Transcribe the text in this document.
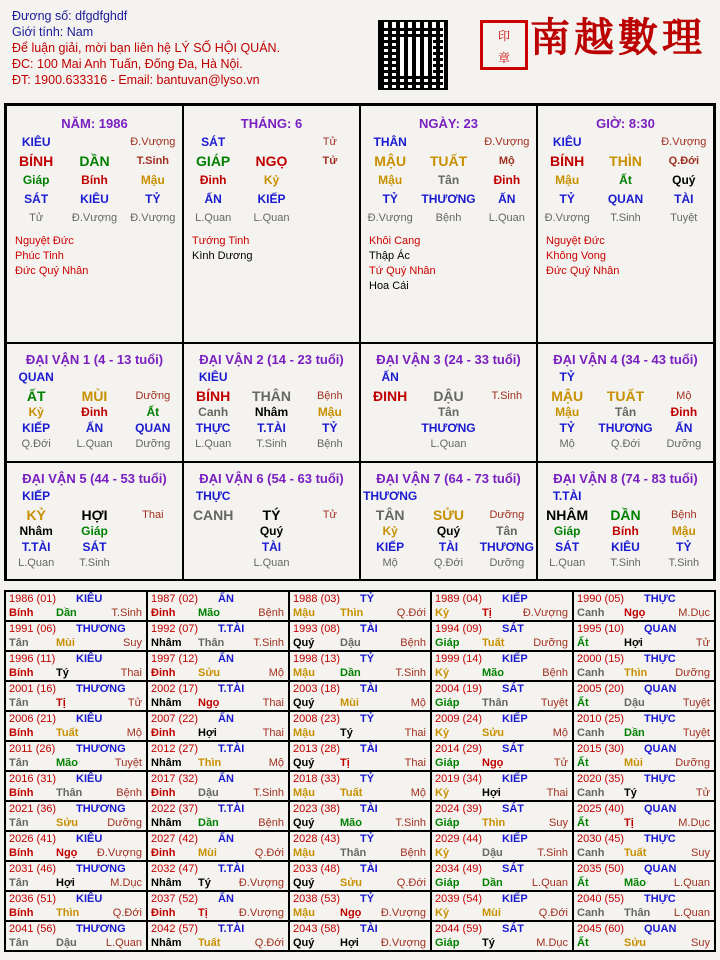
Đương số: dfgdfghdf
Giới tính: Nam
Để luận giải, mời bạn liên hệ LÝ SỐ HỘI QUÁN.
ĐC: 100 Mai Anh Tuấn, Đống Đa, Hà Nội.
ĐT: 1900.633316 - Email: bantuvan@lyso.vn
印
章 南越數理
NĂM: 1986
KIÊU	Đ.Vượng
BÍNH	DẦN	T.Sinh
Giáp	Bính	Mậu
SÁT	KIÊU	TỶ
Tử	Đ.Vượng	Đ.Vượng
Nguyệt Đức
Phúc Tinh
Đức Quý Nhân
THÁNG: 6
SÁT	Tử
GIÁP	NGỌ	Tử
Đinh	Kỷ
ẤN	KIẾP
L.Quan	L.Quan
Tướng Tinh
Kình Dương
NGÀY: 23
THÂN	Đ.Vượng
MẬU	TUẤT	Mộ
Mậu	Tân	Đinh
TỶ	THƯƠNG	ẤN
Đ.Vượng	Bệnh	L.Quan
Khôi Cang
Thập Ác
Tứ Quý Nhân
Hoa Cái
GIỜ: 8:30
KIÊU	Đ.Vượng
BÍNH	THÌN	Q.Đới
Mậu	Ất	Quý
TỶ	QUAN	TÀI
Đ.Vượng	T.Sinh	Tuyệt
Nguyệt Đức
Không Vong
Đức Quý Nhân
ĐẠI VẬN 1 (4 - 13 tuổi)
QUAN
ẤT	MÙI	Dưỡng
Kỷ	Đinh	Ất
KIẾP	ẤN	QUAN
Q.Đới	L.Quan	Dưỡng
ĐẠI VẬN 2 (14 - 23 tuổi)
KIÊU
BÍNH	THÂN	Bệnh
Canh	Nhâm	Mậu
THỰC	T.TÀI	TỶ
L.Quan	T.Sinh	Bệnh
ĐẠI VẬN 3 (24 - 33 tuổi)
ẤN
ĐINH	DẬU	T.Sinh
Tân
THƯƠNG
L.Quan
ĐẠI VẬN 4 (34 - 43 tuổi)
TỶ
MẬU	TUẤT	Mộ
Mậu	Tân	Đinh
TỶ	THƯƠNG	ẤN
Mộ	Q.Đới	Dưỡng
ĐẠI VẬN 5 (44 - 53 tuổi)
KIẾP
KỶ	HỢI	Thai
Nhâm	Giáp
T.TÀI	SÁT
L.Quan	T.Sinh
ĐẠI VẬN 6 (54 - 63 tuổi)
THỰC
CANH	TÝ	Tử
Quý
TÀI
L.Quan
ĐẠI VẬN 7 (64 - 73 tuổi)
THƯƠNG
TÂN	SỬU	Dưỡng
Kỷ	Quý	Tân
KIẾP	TÀI	THƯƠNG
Mộ	Q.Đới	Dưỡng
ĐẠI VẬN 8 (74 - 83 tuổi)
T.TÀI
NHÂM	DẦN	Bệnh
Giáp	Bính	Mậu
SÁT	KIÊU	TỶ
L.Quan	T.Sinh	T.Sinh
1986 (01) KIÊU
Bính Dần	T.Sinh
1987 (02) ẤN
Đinh Mão	Bệnh
1988 (03) TỶ
Mậu Thìn	Q.Đới
1989 (04) KIẾP
Kỷ	Tị	Đ.Vượng
1990 (05) THỰC
Canh Ngọ	M.Dục
1991 (06) THƯƠNG
Tân Mùi	Suy
1992 (07) T.TÀI
Nhâm Thân	T.Sinh
1993 (08) TÀI
Quý Dậu	Bệnh
1994 (09) SÁT
Giáp Tuất	Dưỡng
1995 (10) QUAN
Ất	Hợi	Tử
1996 (11) KIÊU
Bính Tý	Thai
1997 (12) ẤN
Đinh Sửu	Mộ
1998 (13) TỶ
Mậu Dần	T.Sinh
1999 (14) KIẾP
Kỷ	Mão	Bệnh
2000 (15) THỰC
Canh Thìn	Dưỡng
2001 (16) THƯƠNG
Tân Tị	Tử
2002 (17) T.TÀI
Nhâm Ngọ	Thai
2003 (18) TÀI
Quý Mùi	Mộ
2004 (19) SÁT
Giáp Thân	Tuyệt
2005 (20) QUAN
Ất	Dậu	Tuyệt
2006 (21) KIÊU
Bính Tuất	Mộ
2007 (22) ẤN
Đinh Hợi	Thai
2008 (23) TỶ
Mậu Tý	Thai
2009 (24) KIẾP
Kỷ	Sửu	Mộ
2010 (25) THỰC
Canh Dần	Tuyệt
2011 (26) THƯƠNG
Tân Mão	Tuyệt
2012 (27) T.TÀI
Nhâm Thìn	Mộ
2013 (28) TÀI
Quý Tị	Thai
2014 (29) SÁT
Giáp Ngọ	Tử
2015 (30) QUAN
Ất	Mùi	Dưỡng
2016 (31) KIÊU
Bính Thân	Bệnh
2017 (32) ẤN
Đinh Dậu	T.Sinh
2018 (33) TỶ
Mậu Tuất	Mộ
2019 (34) KIẾP
Kỷ	Hợi	Thai
2020 (35) THỰC
Canh Tý	Tử
2021 (36) THƯƠNG
Tân Sửu	Dưỡng
2022 (37) T.TÀI
Nhâm Dần	Bệnh
2023 (38) TÀI
Quý Mão	T.Sinh
2024 (39) SÁT
Giáp Thìn	Suy
2025 (40) QUAN
Ất	Tị	M.Dục
2026 (41) KIÊU
Bính Ngọ Đ.Vượng
2027 (42) ẤN
Đinh Mùi	Q.Đới
2028 (43) TỶ
Mậu Thân	Bệnh
2029 (44) KIẾP
Kỷ	Dậu	T.Sinh
2030 (45) THỰC
Canh Tuất	Suy
2031 (46) THƯƠNG
Tân Hợi	M.Dục
2032 (47) T.TÀI
Nhâm Tý	Đ.Vượng
2033 (48) TÀI
Quý Sửu	Q.Đới
2034 (49) SÁT
Giáp Dần	L.Quan
2035 (50) QUAN
Ất	Mão	L.Quan
2036 (51) KIÊU
Bính Thìn	Q.Đới
2037 (52) ẤN
Đinh Tị	Đ.Vượng
2038 (53) TỶ
Mậu Ngọ Đ.Vượng
2039 (54) KIẾP
Kỷ	Mùi	Q.Đới
2040 (55) THỰC
Canh Thân L.Quan
2041 (56) THƯƠNG
Tân Dậu	L.Quan
2042 (57) T.TÀI
Nhâm Tuất	Q.Đới
2043 (58) TÀI
Quý Hợi Đ.Vượng
2044 (59) SÁT
Giáp Tý	M.Dục
2045 (60) QUAN
Ất	Sửu	Suy
